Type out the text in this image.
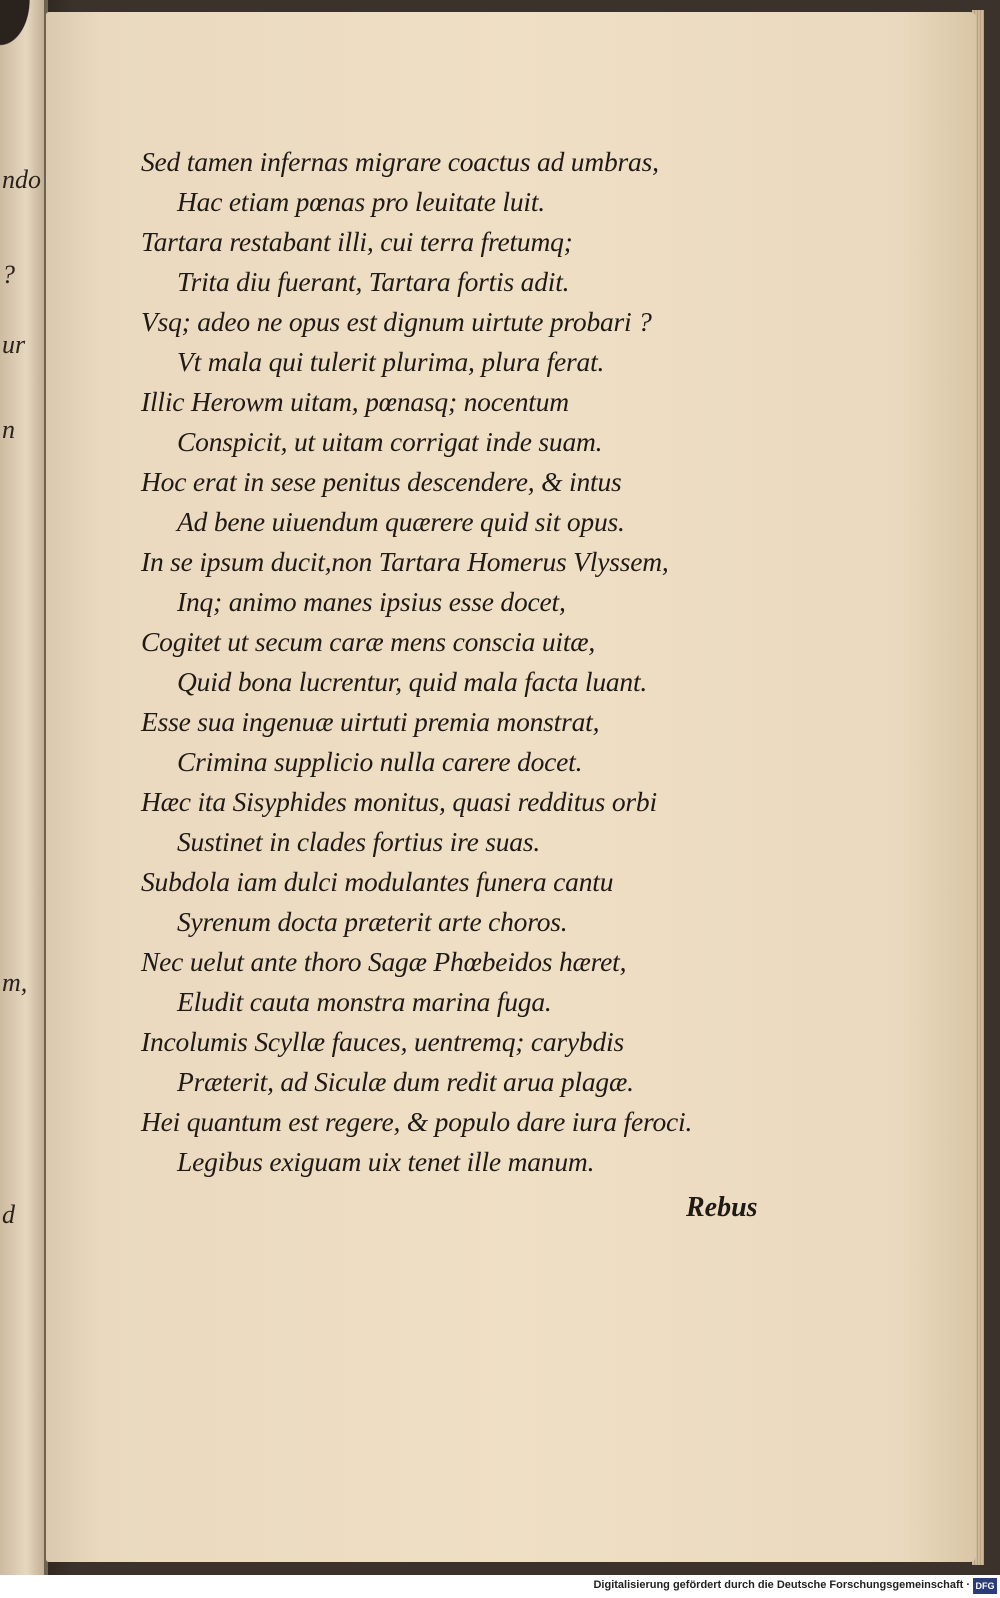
ndo
?
ur
n
m,
d
Sed tamen infernas migrare coactus ad umbras,
Hac etiam pœnas pro leuitate luit.
Tartara restabant illi, cui terra fretumq;
Trita diu fuerant, Tartara fortis adit.
Vsq; adeo ne opus est dignum uirtute probari ?
Vt mala qui tulerit plurima, plura ferat.
Illic Herowm uitam, pœnasq; nocentum
Conspicit, ut uitam corrigat inde suam.
Hoc erat in sese penitus descendere, & intus
Ad bene uiuendum quærere quid sit opus.
In se ipsum ducit,non Tartara Homerus Vlyssem,
Inq; animo manes ipsius esse docet,
Cogitet ut secum caræ mens conscia uitæ,
Quid bona lucrentur, quid mala facta luant.
Esse sua ingenuæ uirtuti premia monstrat,
Crimina supplicio nulla carere docet.
Hæc ita Sisyphides monitus, quasi redditus orbi
Sustinet in clades fortius ire suas.
Subdola iam dulci modulantes funera cantu
Syrenum docta præterit arte choros.
Nec uelut ante thoro Sagæ Phœbeidos hæret,
Eludit cauta monstra marina fuga.
Incolumis Scyllæ fauces, uentremq; carybdis
Præterit, ad Siculæ dum redit arua plagæ.
Hei quantum est regere, & populo dare iura feroci.
Legibus exiguam uix tenet ille manum.
Rebus
Digitalisierung gefördert durch die Deutsche Forschungsgemeinschaft · DFG
